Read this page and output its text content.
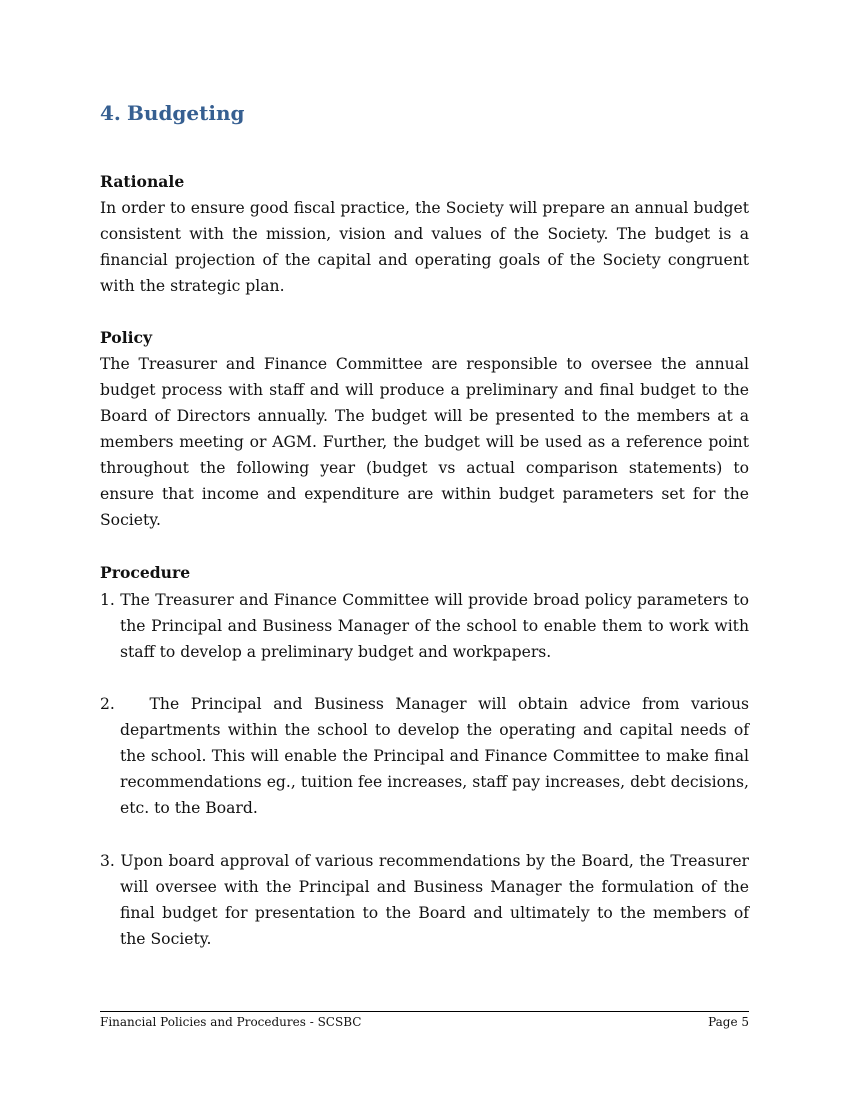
4. Budgeting

Rationale

In order to ensure good fiscal practice, the Society will prepare an annual budget consistent with the mission, vision and values of the Society. The budget is a financial projection of the capital and operating goals of the Society congruent with the strategic plan.

Policy

The Treasurer and Finance Committee are responsible to oversee the annual budget process with staff and will produce a preliminary and final budget to the Board of Directors annually. The budget will be presented to the members at a members meeting or AGM. Further, the budget will be used as a reference point throughout the following year (budget vs actual comparison statements) to ensure that income and expenditure are within budget parameters set for the Society.

Procedure

1. The Treasurer and Finance Committee will provide broad policy parameters to
the Principal and Business Manager of the school to enable them to work with staff to develop a preliminary budget and workpapers.
2. The Principal and Business Manager will obtain advice from various
departments within the school to develop the operating and capital needs of the school. This will enable the Principal and Finance Committee to make final recommendations eg., tuition fee increases, staff pay increases, debt decisions, etc. to the Board.
3. Upon board approval of various recommendations by the Board, the Treasurer
will oversee with the Principal and Business Manager the formulation of the final budget for presentation to the Board and ultimately to the members of the Society.
Financial Policies and Procedures - SCSBC	Page 5
